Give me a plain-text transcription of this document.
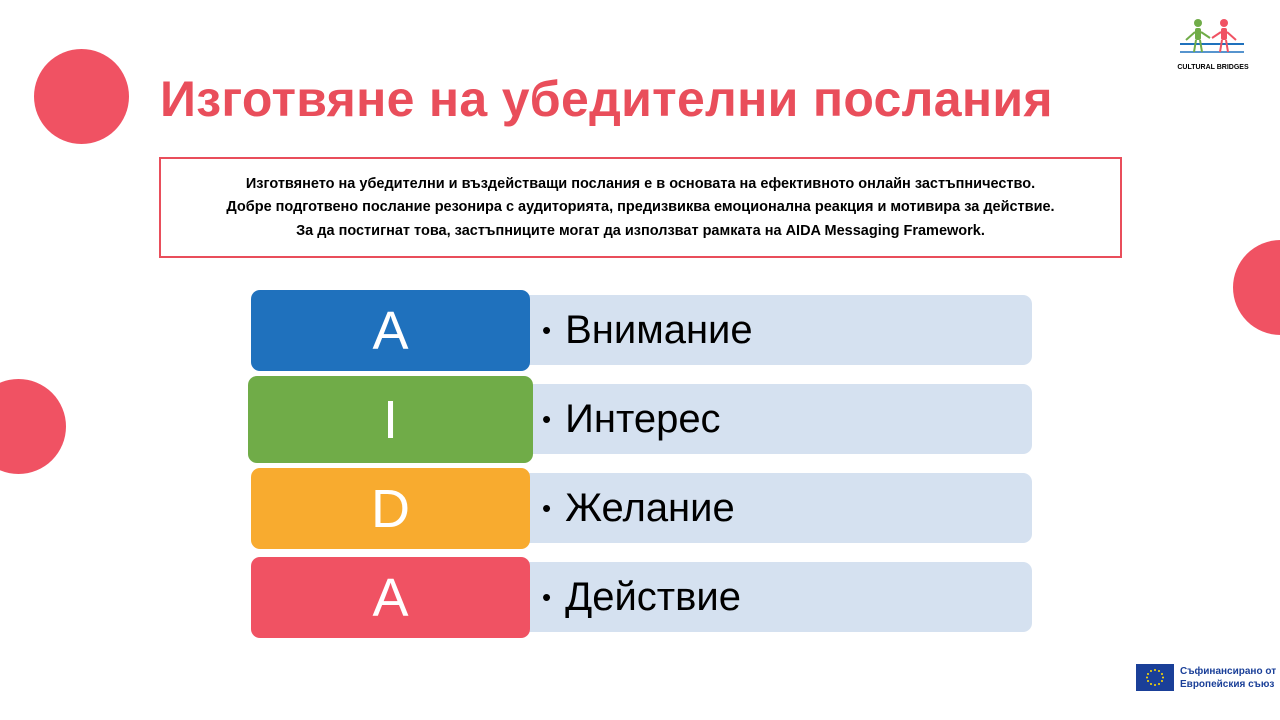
Изготвяне на убедителни послания

Изготвянето на убедителни и въздействащи послания е в основата на ефективното онлайн застъпничество.

Добре подготвено послание резонира с аудиторията, предизвиква емоционална реакция и мотивира за действие.

За да постигнат това, застъпниците могат да използват рамката на AIDA Messaging Framework.

• Внимание
• Интерес
• Желание
• Действие
A
I
D
A
CULTURAL BRIDGES
Съфинансирано от
Европейския съюз
